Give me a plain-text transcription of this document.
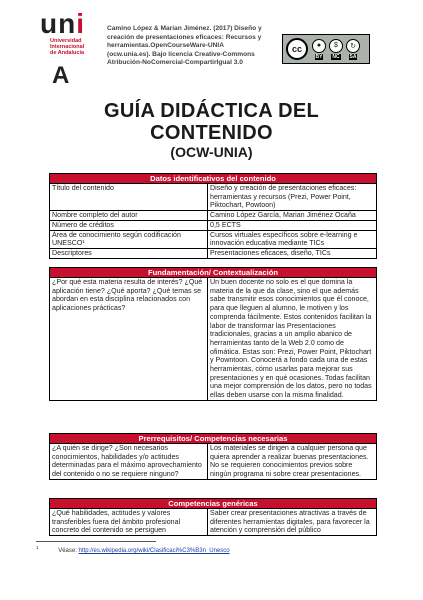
uni
Universidad
Internacional
de Andalucía
A
Camino López & Marian Jiménez. (2017) Diseño y
creación de presentaciones eficaces: Recursos y
herramientas.OpenCourseWare-UNIA
(ocw.unia.es). Bajo licencia Creative-Commons
Atribución-NoComercial-CompartirIgual 3.0
cc	●
BY
$
NC
↻
SA
GUÍA DIDÁCTICA DEL
CONTENIDO
(OCW-UNIA)
Datos identificativos del contenido	
Título del contenido	Diseño y creación de presentaciones eficaces: herramientas y recursos (Prezi, Power Point, Piktochart, Powtoon)
Nombre completo del autor	Camino López García, Marian Jiménez Ocaña
Número de créditos	0,5 ECTS
Área de conocimiento según codificación UNESCO¹	Cursos virtuales específicos sobre e-learning e innovación educativa mediante TICs
Descriptores	Presentaciones eficaces, diseño, TICs
Fundamentación/ Contextualización
¿Por qué esta materia resulta de interés? ¿Qué aplicación tiene? ¿Qué aporta? ¿Qué temas se abordan en esta disciplina relacionados con aplicaciones prácticas?	Un buen docente no solo es el que domina la materia de la que da clase, sino el que además sabe transmitir esos conocimientos que él conoce, para que lleguen al alumno, le motiven y los comprenda fácilmente. Estos contenidos facilitan la labor de transformar las Presentaciones tradicionales, gracias a un amplio abanico de herramientas tanto de la Web 2.0 como de ofimática. Estas son: Prezi, Power Point, Piktochart y Powntoon. Conocerá a fondo cada una de estas herramientas, cómo usarlas para mejorar sus presentaciones y en qué ocasiones. Todas facilitan una mejor comprensión de los datos, pero no todas ellas deben usarse con la misma finalidad.
Prerrequisitos/ Competencias necesarias
¿A quién se dirige? ¿Son necesarios conocimientos, habilidades y/o actitudes determinadas para el máximo aprovechamiento del contenido o no se requiere ninguno?	Los materiales se dirigen a cualquier persona que quiera aprender a realizar buenas presentaciones. No se requieren conocimientos previos sobre ningún programa ni sobre crear presentaciones.
Competencias genéricas
¿Qué habilidades, actitudes y valores transferibles fuera del ámbito profesional concreto del contenido se persiguen	Saber crear presentaciones atractivas a través de diferentes herramientas digitales, para favorecer la atención y comprensión del público
$^1$ Véase: http://es.wikipedia.org/wiki/Clasificaci%C3%B3n_Unesco
